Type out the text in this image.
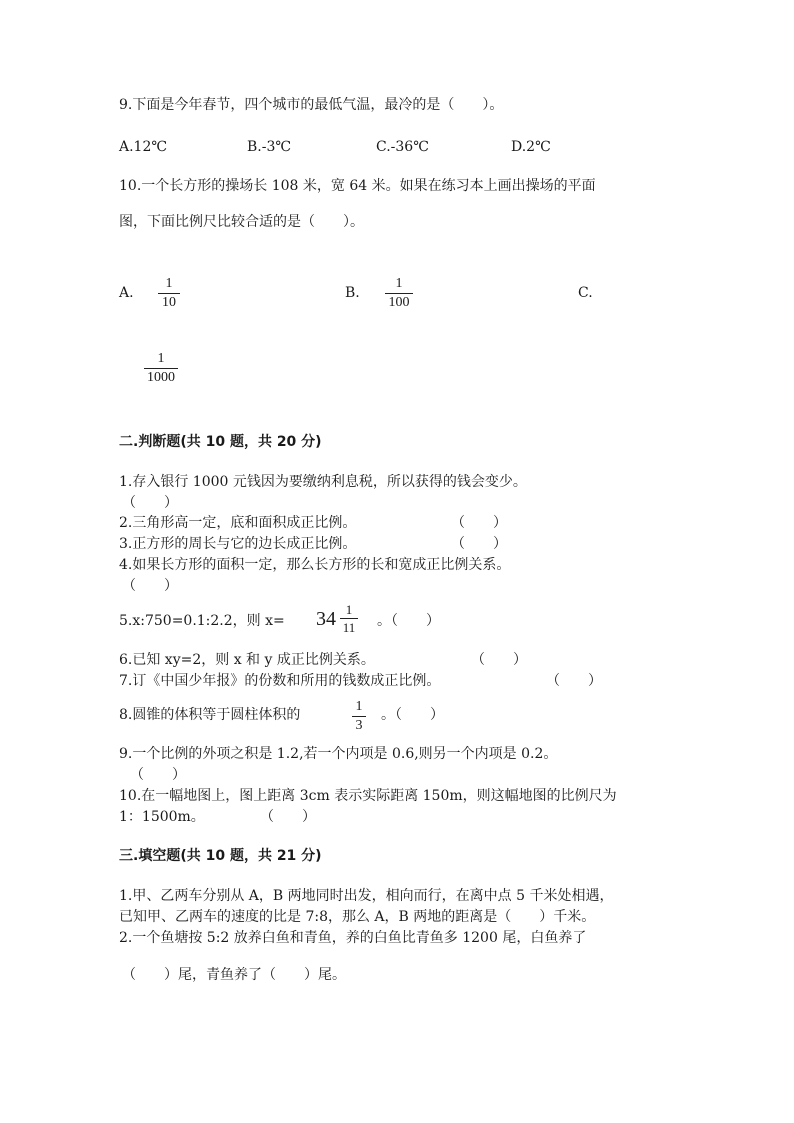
9.下面是今年春节，四个城市的最低气温，最冷的是（　　）。
A.12℃	B.-3℃	C.-36℃	D.2℃
10.一个长方形的操场长 108 米，宽 64 米。如果在练习本上画出操场的平面
图，下面比例尺比较合适的是（　　）。
A.
1
10
B.
1
100
C.
1
1000
二.判断题(共 10 题，共 20 分)
1.存入银行 1000 元钱因为要缴纳利息税，所以获得的钱会变少。
（　　）
2.三角形高一定，底和面积成正比例。	（　　）
3.正方形的周长与它的边长成正比例。	（　　）
4.如果长方形的面积一定，那么长方形的长和宽成正比例关系。
（　　）
5.x:750=0.1:2.2，则 x= 34 1
11 。（　　）
6.已知 xy=2，则 x 和 y 成正比例关系。	（　　）
7.订《中国少年报》的份数和所用的钱数成正比例。	（　　）
8.圆锥的体积等于圆柱体积的
1
3
。（　　）
9.一个比例的外项之积是 1.2,若一个内项是 0.6,则另一个内项是 0.2。
（　　）
10.在一幅地图上，图上距离 3cm 表示实际距离 150m，则这幅地图的比例尺为
1：1500m。	（　　）
三.填空题(共 10 题，共 21 分)
1.甲、乙两车分别从 A，B 两地同时出发，相向而行，在离中点 5 千米处相遇，
已知甲、乙两车的速度的比是 7:8，那么 A，B 两地的距离是（　　）千米。
2.一个鱼塘按 5:2 放养白鱼和青鱼，养的白鱼比青鱼多 1200 尾，白鱼养了
（　　）尾，青鱼养了（　　）尾。
